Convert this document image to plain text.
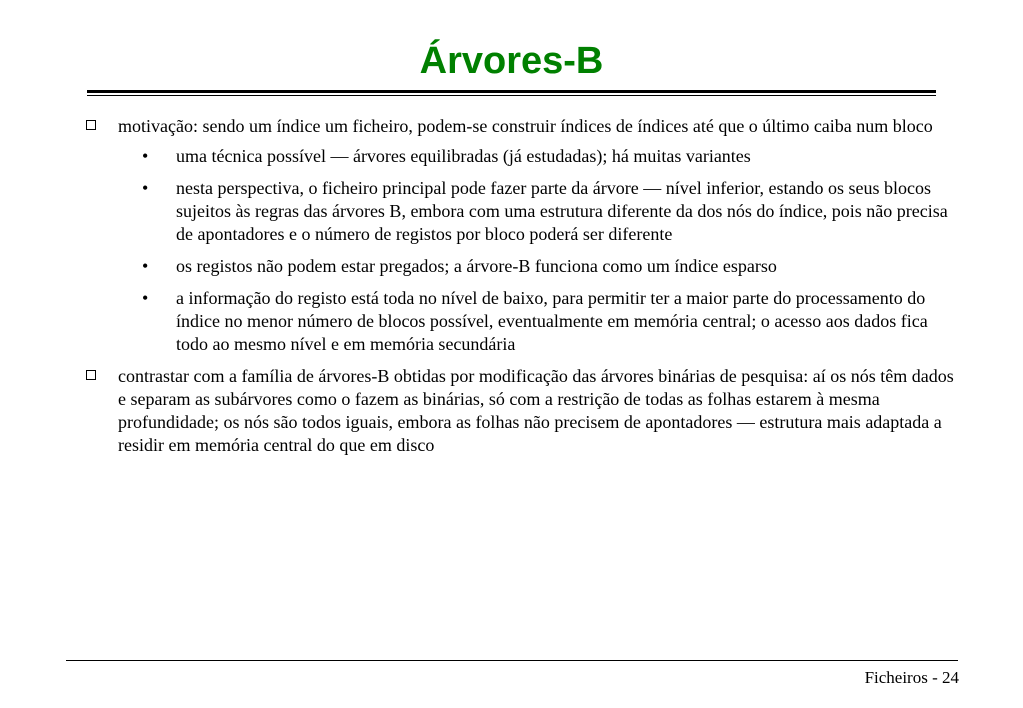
Árvores-B
motivação: sendo um índice um ficheiro, podem-se construir índices de índices até que o último caiba num bloco
• uma técnica possível — árvores equilibradas (já estudadas); há muitas variantes
• nesta perspectiva, o ficheiro principal pode fazer parte da árvore — nível inferior, estando os seus blocos sujeitos às regras das árvores B, embora com uma estrutura diferente da dos nós do índice, pois não precisa de apontadores e o número de registos por bloco poderá ser diferente
• os registos não podem estar pregados; a árvore-B funciona como um índice esparso
• a informação do registo está toda no nível de baixo, para permitir ter a maior parte do processamento do índice no menor número de blocos possível, eventualmente em memória central; o acesso aos dados fica todo ao mesmo nível e em memória secundária
contrastar com a família de árvores-B obtidas por modificação das árvores binárias de pesquisa: aí os nós têm dados e separam as subárvores como o fazem as binárias, só com a restrição de todas as folhas estarem à mesma profundidade; os nós são todos iguais, embora as folhas não precisem de apontadores — estrutura mais adaptada a residir em memória central do que em disco
Ficheiros - 24
